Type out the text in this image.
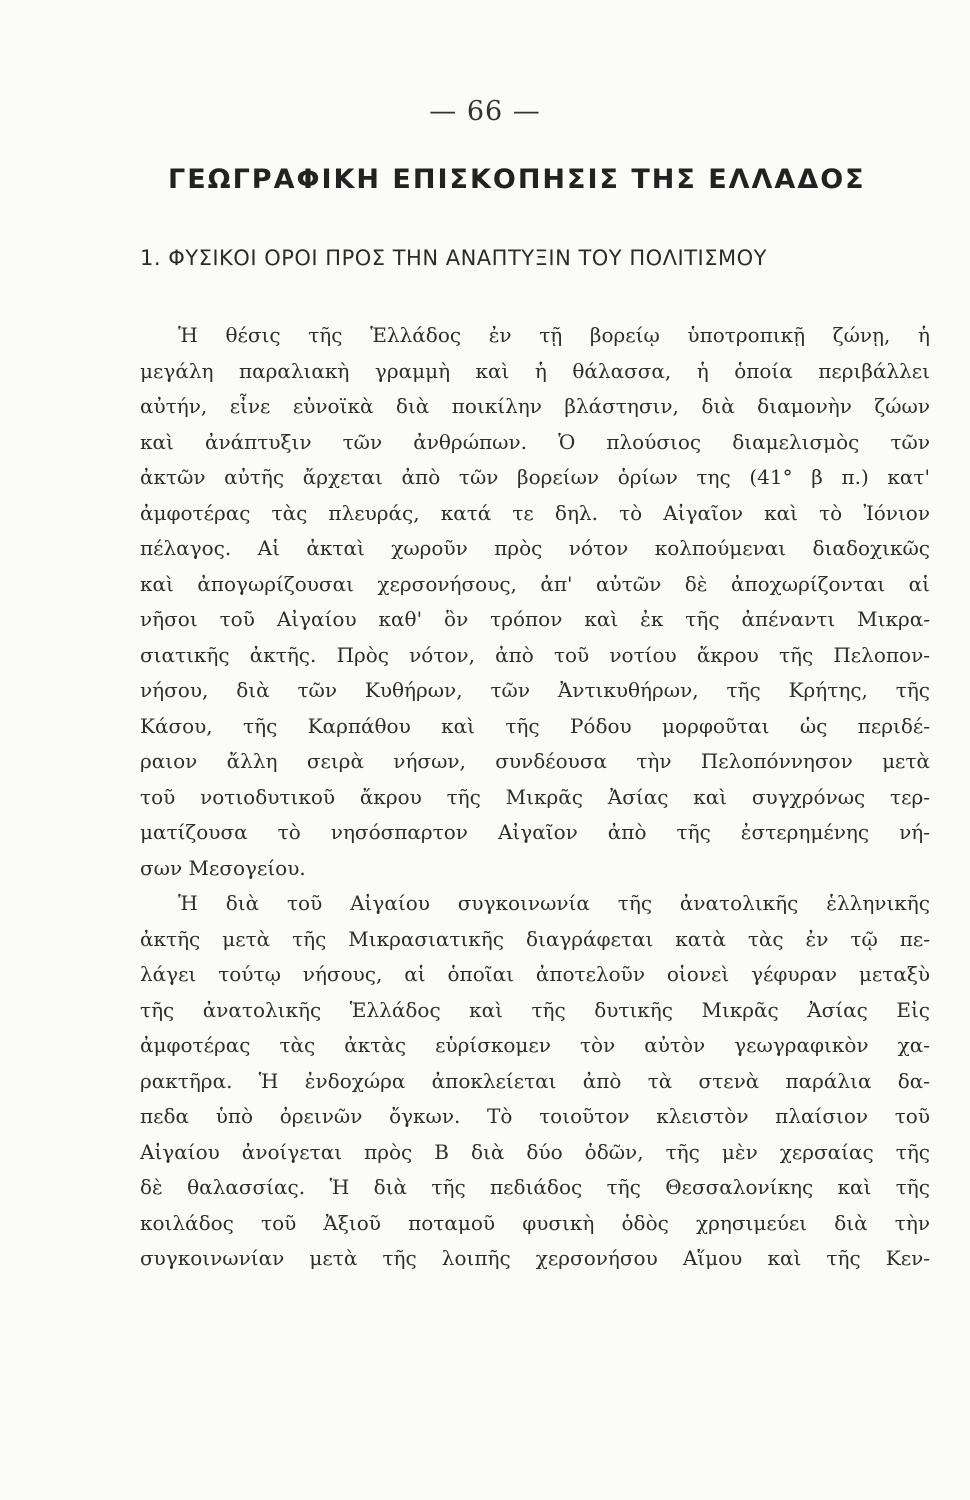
— 66 —
ΓΕΩΓΡΑΦΙΚΗ ΕΠΙΣΚΟΠΗΣΙΣ ΤΗΣ ΕΛΛΑΔΟΣ
1. ΦΥΣΙΚΟΙ ΟΡΟΙ ΠΡΟΣ ΤΗΝ ΑΝΑΠΤΥΞΙΝ ΤΟΥ ΠΟΛΙΤΙΣΜΟΥ
Ἡ θέσις τῆς Ἑλλάδος ἐν τῇ βορείῳ ὑποτροπικῇ ζώνῃ, ἡ
μεγάλη παραλιακὴ γραμμὴ καὶ ἡ θάλασσα, ἡ ὁποία περιβάλλει
αὐτήν, εἶνε εὐνοϊκὰ διὰ ποικίλην βλάστησιν, διὰ διαμονὴν ζώων
καὶ ἀνάπτυξιν τῶν ἀνθρώπων. Ὁ πλούσιος διαμελισμὸς τῶν
ἀκτῶν αὐτῆς ἄρχεται ἀπὸ τῶν βορείων ὁρίων της (41° β π.) κατ'
ἀμφοτέρας τὰς πλευράς, κατά τε δηλ. τὸ Αἰγαῖον καὶ τὸ Ἰόνιον
πέλαγος. Αἱ ἀκταὶ χωροῦν πρὸς νότον κολπούμεναι διαδοχικῶς
καὶ ἀπογωρίζουσαι χερσονήσους, ἀπ' αὐτῶν δὲ ἀποχωρίζονται αἱ
νῆσοι τοῦ Αἰγαίου καθ' ὃν τρόπον καὶ ἐκ τῆς ἀπέναντι Μικρα-
σιατικῆς ἀκτῆς. Πρὸς νότον, ἀπὸ τοῦ νοτίου ἄκρου τῆς Πελοπον-
νήσου, διὰ τῶν Κυθήρων, τῶν Ἀντικυθήρων, τῆς Κρήτης, τῆς
Κάσου, τῆς Καρπάθου καὶ τῆς Ρόδου μορφοῦται ὡς περιδέ-
ραιον ἄλλη σειρὰ νήσων, συνδέουσα τὴν Πελοπόννησον μετὰ
τοῦ νοτιοδυτικοῦ ἄκρου τῆς Μικρᾶς Ἀσίας καὶ συγχρόνως τερ-
ματίζουσα τὸ νησόσπαρτον Αἰγαῖον ἀπὸ τῆς ἐστερημένης νή-
σων Μεσογείου.
Ἡ διὰ τοῦ Αἰγαίου συγκοινωνία τῆς ἀνατολικῆς ἑλληνικῆς
ἀκτῆς μετὰ τῆς Μικρασιατικῆς διαγράφεται κατὰ τὰς ἐν τῷ πε-
λάγει τούτῳ νήσους, αἱ ὁποῖαι ἀποτελοῦν οἱονεὶ γέφυραν μεταξὺ
τῆς ἀνατολικῆς Ἑλλάδος καὶ τῆς δυτικῆς Μικρᾶς Ἀσίας Εἰς
ἀμφοτέρας τὰς ἀκτὰς εὑρίσκομεν τὸν αὐτὸν γεωγραφικὸν χα-
ρακτῆρα. Ἡ ἐνδοχώρα ἀποκλείεται ἀπὸ τὰ στενὰ παράλια δα-
πεδα ὑπὸ ὀρεινῶν ὄγκων. Τὸ τοιοῦτον κλειστὸν πλαίσιον τοῦ
Αἰγαίου ἀνοίγεται πρὸς Β διὰ δύο ὁδῶν, τῆς μὲν χερσαίας τῆς
δὲ θαλασσίας. Ἡ διὰ τῆς πεδιάδος τῆς Θεσσαλονίκης καὶ τῆς
κοιλάδος τοῦ Ἀξιοῦ ποταμοῦ φυσικὴ ὁδὸς χρησιμεύει διὰ τὴν
συγκοινωνίαν μετὰ τῆς λοιπῆς χερσονήσου Αἵμου καὶ τῆς Κεν-
